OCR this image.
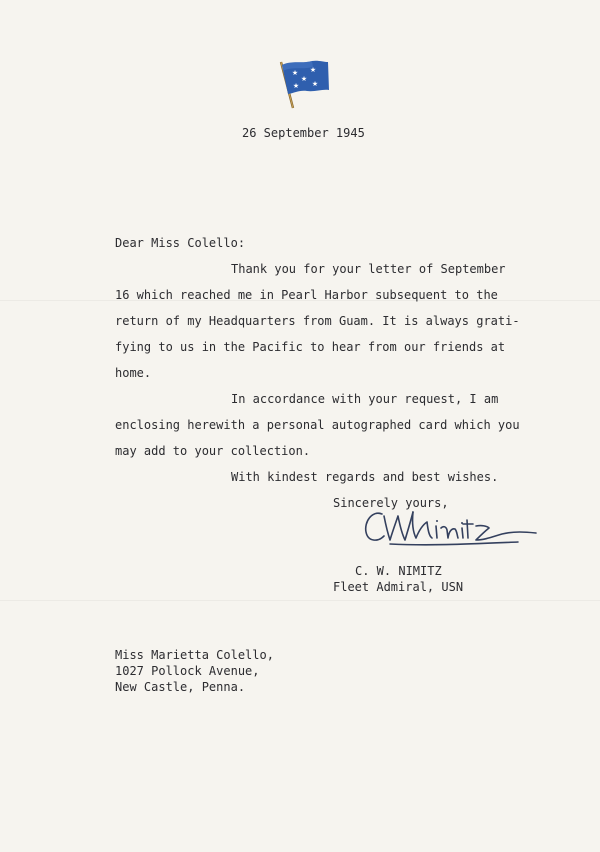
★ ★
★
★ ★
26 September 1945
Dear Miss Colello:
Thank you for your letter of September
16 which reached me in Pearl Harbor subsequent to the
return of my Headquarters from Guam. It is always grati-
fying to us in the Pacific to hear from our friends at
home.
In accordance with your request, I am
enclosing herewith a personal autographed card which you
may add to your collection.
With kindest regards and best wishes.
Sincerely yours,
C. W. NIMITZ
Fleet Admiral, USN
Miss Marietta Colello,
1027 Pollock Avenue,
New Castle, Penna.
